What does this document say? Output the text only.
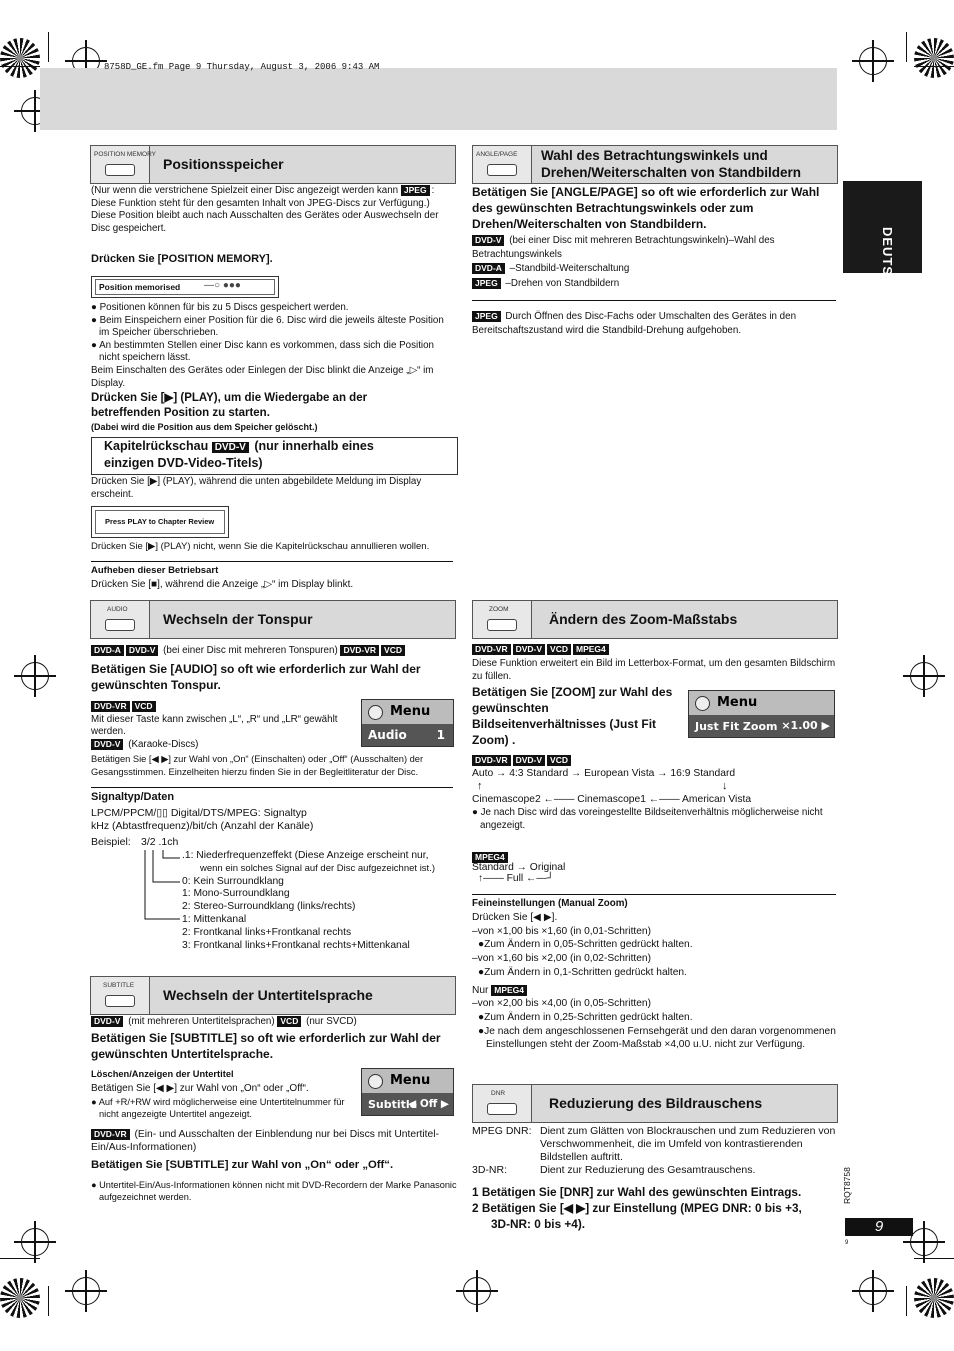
8758D_GE.fm Page 9 Thursday, August 3, 2006 9:43 AM
DEUTSCH
POSITION MEMORY
Positionsspeicher
(Nur wenn die verstrichene Spielzeit einer Disc angezeigt werden kann JPEG : Diese Funktion steht für den gesamten Inhalt von JPEG-Discs zur Verfügung.)
Diese Position bleibt auch nach Ausschalten des Gerätes oder Auswechseln der Disc gespeichert.
Drücken Sie [POSITION MEMORY].
Position memorised ―○ ●●●
● Positionen können für bis zu 5 Discs gespeichert werden.
● Beim Einspeichern einer Position für die 6. Disc wird die jeweils älteste Position im Speicher überschrieben.
● An bestimmten Stellen einer Disc kann es vorkommen, dass sich die Position nicht speichern lässt.
Beim Einschalten des Gerätes oder Einlegen der Disc blinkt die Anzeige „▷“ im Display.
Drücken Sie [▶] (PLAY), um die Wiedergabe an der betreffenden Position zu starten.
(Dabei wird die Position aus dem Speicher gelöscht.)
Kapitelrückschau DVD-V (nur innerhalb eines
einzigen DVD-Video-Titels)
Drücken Sie [▶] (PLAY), während die unten abgebildete Meldung im Display erscheint.
Press PLAY to Chapter Review
Drücken Sie [▶] (PLAY) nicht, wenn Sie die Kapitelrückschau annullieren wollen.
Aufheben dieser Betriebsart
Drücken Sie [■], während die Anzeige „▷“ im Display blinkt.
ANGLE/PAGE Wahl des Betrachtungswinkels und
Drehen/Weiterschalten von Standbildern
Betätigen Sie [ANGLE/PAGE] so oft wie erforderlich zur Wahl des gewünschten Betrachtungswinkels oder zum Drehen/Weiterschalten von Standbildern.
DVD-V (bei einer Disc mit mehreren Betrachtungswinkeln)–Wahl des Betrachtungswinkels
DVD-A –Standbild-Weiterschaltung
JPEG –Drehen von Standbildern
JPEG Durch Öffnen des Disc-Fachs oder Umschalten des Gerätes in den Bereitschaftszustand wird die Standbild-Drehung aufgehoben.
AUDIO
Wechseln der Tonspur
DVD-A DVD-V (bei einer Disc mit mehreren Tonspuren) DVD-VR VCD
Betätigen Sie [AUDIO] so oft wie erforderlich zur Wahl der gewünschten Tonspur.
DVD-VR VCD
Mit dieser Taste kann zwischen „L“, „R“ und „LR“ gewählt werden.
DVD-V (Karaoke-Discs)
Menu
Audio 1
Betätigen Sie [◀ ▶] zur Wahl von „On“ (Einschalten) oder „Off“ (Ausschalten) der Gesangsstimmen. Einzelheiten hierzu finden Sie in der Begleitliteratur der Disc.
Signaltyp/Daten
LPCM/PPCM/▯▯ Digital/DTS/MPEG: Signaltyp
kHz (Abtastfrequenz)/bit/ch (Anzahl der Kanäle)
Beispiel: 3/2 .1ch
.1: Niederfrequenzeffekt (Diese Anzeige erscheint nur,
wenn ein solches Signal auf der Disc aufgezeichnet ist.)
0: Kein Surroundklang
1: Mono-Surroundklang
2: Stereo-Surroundklang (links/rechts)
1: Mittenkanal
2: Frontkanal links+Frontkanal rechts
3: Frontkanal links+Frontkanal rechts+Mittenkanal
SUBTITLE
Wechseln der Untertitelsprache
DVD-V (mit mehreren Untertitelsprachen) VCD (nur SVCD)
Betätigen Sie [SUBTITLE] so oft wie erforderlich zur Wahl der gewünschten Untertitelsprache.
Löschen/Anzeigen der Untertitel
Betätigen Sie [◀ ▶] zur Wahl von „On“ oder „Off“.
● Auf +R/+RW wird möglicherweise eine Untertitelnummer für nicht angezeigte Untertitel angezeigt.
Menu
Subtitle
◀ Off ▶
DVD-VR (Ein- und Ausschalten der Einblendung nur bei Discs mit Untertitel-Ein/Aus-Informationen)
Betätigen Sie [SUBTITLE] zur Wahl von „On“ oder „Off“.
● Untertitel-Ein/Aus-Informationen können nicht mit DVD-Recordern der Marke Panasonic aufgezeichnet werden.
ZOOM
Ändern des Zoom-Maßstabs
DVD-VR DVD-V VCD MPEG4
Diese Funktion erweitert ein Bild im Letterbox-Format, um den gesamten Bildschirm zu füllen.
Betätigen Sie [ZOOM] zur Wahl des gewünschten Bildseitenverhältnisses (Just Fit Zoom) .
Menu
Just Fit Zoom ×1.00 ▶
DVD-VR DVD-V VCD
Auto → 4:3 Standard → European Vista → 16:9 Standard
↑	↓
Cinemascope2 ←—— Cinemascope1 ←—— American Vista
● Je nach Disc wird das voreingestellte Bildseitenverhältnis möglicherweise nicht angezeigt.
MPEG4
Standard → Original
↑—— Full ←—┘
Feineinstellungen (Manual Zoom)
Drücken Sie [◀ ▶].
–von ×1,00 bis ×1,60 (in 0,01-Schritten)
●Zum Ändern in 0,05-Schritten gedrückt halten.
–von ×1,60 bis ×2,00 (in 0,02-Schritten)
●Zum Ändern in 0,1-Schritten gedrückt halten.
Nur MPEG4
–von ×2,00 bis ×4,00 (in 0,05-Schritten)
●Zum Ändern in 0,25-Schritten gedrückt halten.
●Je nach dem angeschlossenen Fernsehgerät und den daran vorgenommenen Einstellungen steht der Zoom-Maßstab ×4,00 u.U. nicht zur Verfügung.
DNR
Reduzierung des Bildrauschens
MPEG DNR: Dient zum Glätten von Blockrauschen und zum Reduzieren von Verschwommenheit, die im Umfeld von kontrastierenden Bildstellen auftritt.
3D-NR:	Dient zur Reduzierung des Gesamtrauschens.
1 Betätigen Sie [DNR] zur Wahl des gewünschten Eintrags.
2 Betätigen Sie [◀ ▶] zur Einstellung (MPEG DNR: 0 bis +3,
3D-NR: 0 bis +4).
RQT8758
9
9
